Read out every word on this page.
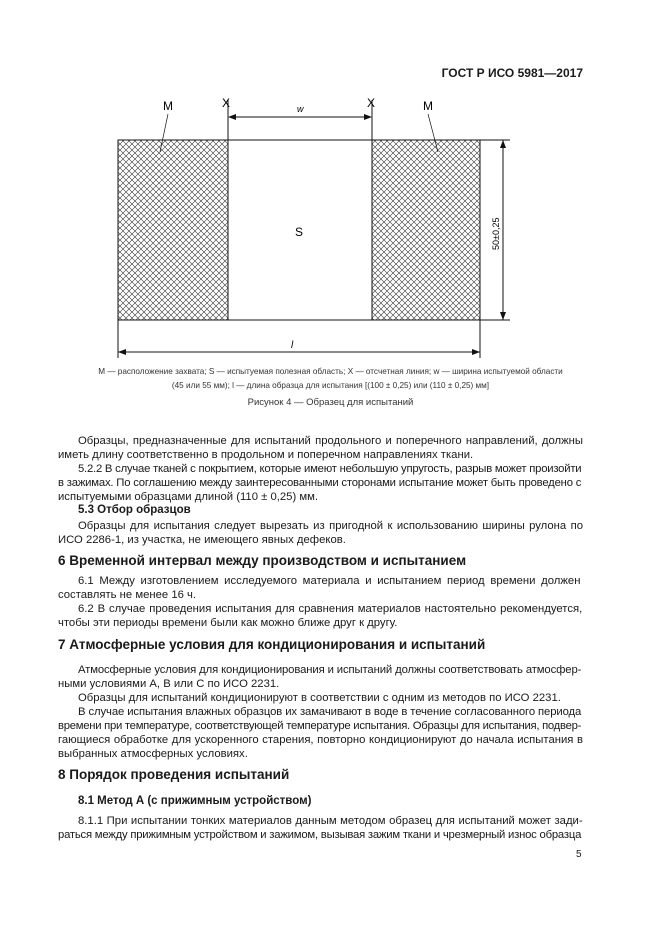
ГОСТ Р ИСО 5981—2017
M	X	w	X	M
S	50±0,25
l
M — расположение захвата; S — испытуемая полезная область; X — отсчетная линия; w — ширина испытуемой области
(45 или 55 мм); l — длина образца для испытания [(100 ± 0,25) или (110 ± 0,25) мм]
Рисунок 4 — Образец для испытаний
Образцы, предназначенные для испытаний продольного и поперечного направлений, должны
иметь длину соответственно в продольном и поперечном направлениях ткани.
5.2.2 В случае тканей с покрытием, которые имеют небольшую упругость, разрыв может произойти
в зажимах. По соглашению между заинтересованными сторонами испытание может быть проведено с
испытуемыми образцами длиной (110 ± 0,25) мм.
5.3 Отбор образцов
Образцы для испытания следует вырезать из пригодной к использованию ширины рулона по
ИСО 2286-1, из участка, не имеющего явных дефеков.
6 Временной интервал между производством и испытанием
6.1 Между изготовлением исследуемого материала и испытанием период времени должен
составлять не менее 16 ч.
6.2 В случае проведения испытания для сравнения материалов настоятельно рекомендуется,
чтобы эти периоды времени были как можно ближе друг к другу.
7 Атмосферные условия для кондиционирования и испытаний
Атмосферные условия для кондиционирования и испытаний должны соответствовать атмосфер-
ными условиями А, В или С по ИСО 2231.
Образцы для испытаний кондиционируют в соответствии с одним из методов по ИСО 2231.
В случае испытания влажных образцов их замачивают в воде в течение согласованного периода
времени при температуре, соответствующей температуре испытания. Образцы для испытания, подвер-
гающиеся обработке для ускоренного старения, повторно кондиционируют до начала испытания в
выбранных атмосферных условиях.
8 Порядок проведения испытаний
8.1 Метод А (с прижимным устройством)
8.1.1 При испытании тонких материалов данным методом образец для испытаний может зади-
раться между прижимным устройством и зажимом, вызывая зажим ткани и чрезмерный износ образца
5
